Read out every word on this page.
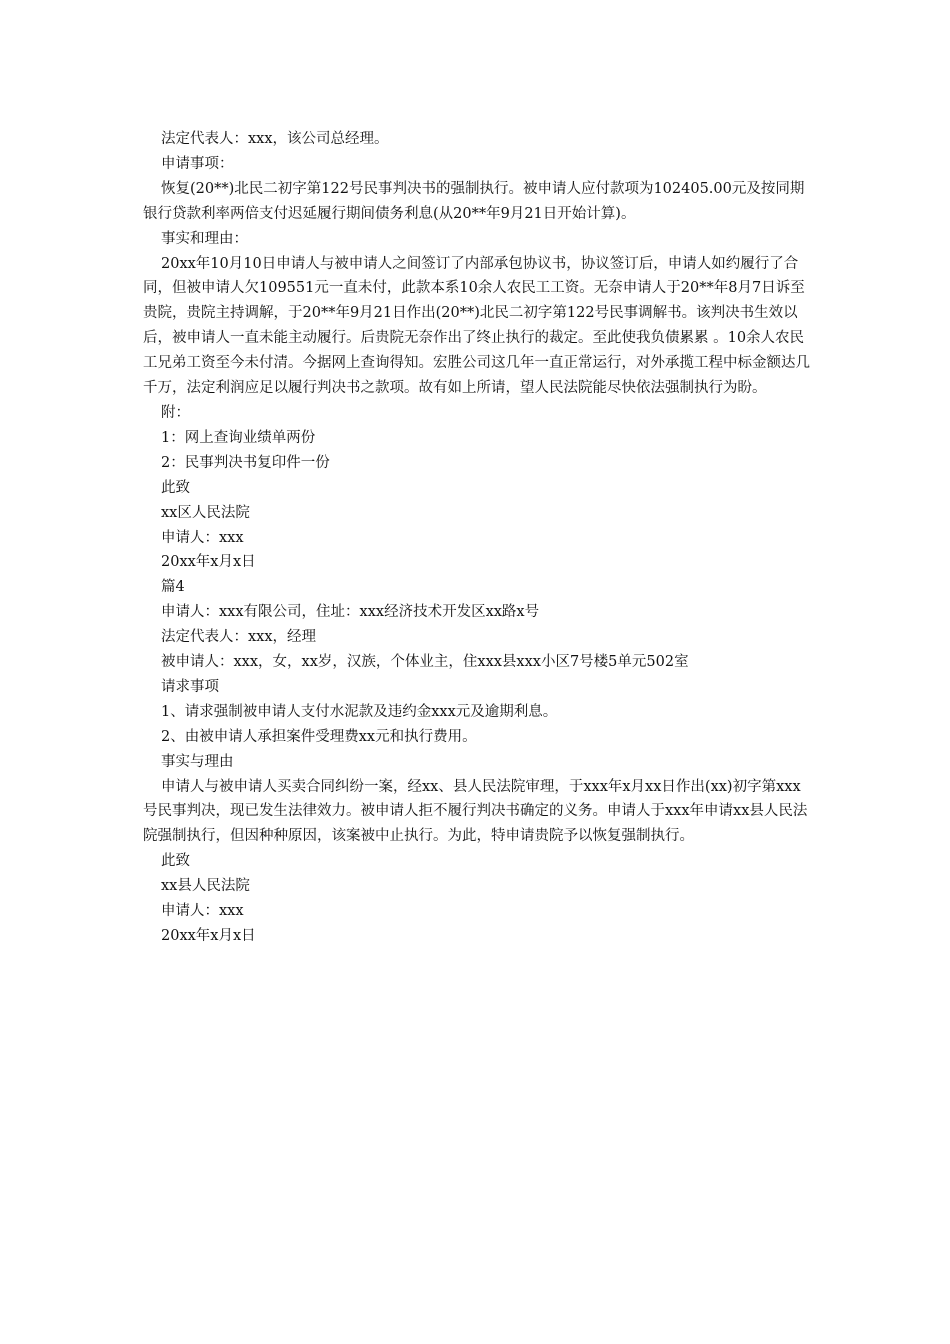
法定代表人：xxx，该公司总经理。

申请事项：

恢复(20**)北民二初字第122号民事判决书的强制执行。被申请人应付款项为102405.00元及按同期银行贷款利率两倍支付迟延履行期间债务利息(从20**年9月21日开始计算)。

事实和理由：

20xx年10月10日申请人与被申请人之间签订了内部承包协议书，协议签订后，申请人如约履行了合同，但被申请人欠109551元一直未付，此款本系10余人农民工工资。无奈申请人于20**年8月7日诉至贵院，贵院主持调解，于20**年9月21日作出(20**)北民二初字第122号民事调解书。该判决书生效以后，被申请人一直未能主动履行。后贵院无奈作出了终止执行的裁定。至此使我负债累累 。10余人农民工兄弟工资至今未付清。今据网上查询得知。宏胜公司这几年一直正常运行，对外承揽工程中标金额达几千万，法定利润应足以履行判决书之款项。故有如上所请，望人民法院能尽快依法强制执行为盼。

附：

1：网上查询业绩单两份

2：民事判决书复印件一份

此致

xx区人民法院

申请人：xxx

20xx年x月x日

篇4

申请人：xxx有限公司，住址：xxx经济技术开发区xx路x号

法定代表人：xxx，经理

被申请人：xxx，女，xx岁，汉族，个体业主，住xxx县xxx小区7号楼5单元502室

请求事项

1、请求强制被申请人支付水泥款及违约金xxx元及逾期利息。

2、由被申请人承担案件受理费xx元和执行费用。

事实与理由

申请人与被申请人买卖合同纠纷一案，经xx、县人民法院审理，于xxx年x月xx日作出(xx)初字第xxx号民事判决，现已发生法律效力。被申请人拒不履行判决书确定的义务。申请人于xxx年申请xx县人民法院强制执行，但因种种原因，该案被中止执行。为此，特申请贵院予以恢复强制执行。

此致

xx县人民法院

申请人：xxx

20xx年x月x日
